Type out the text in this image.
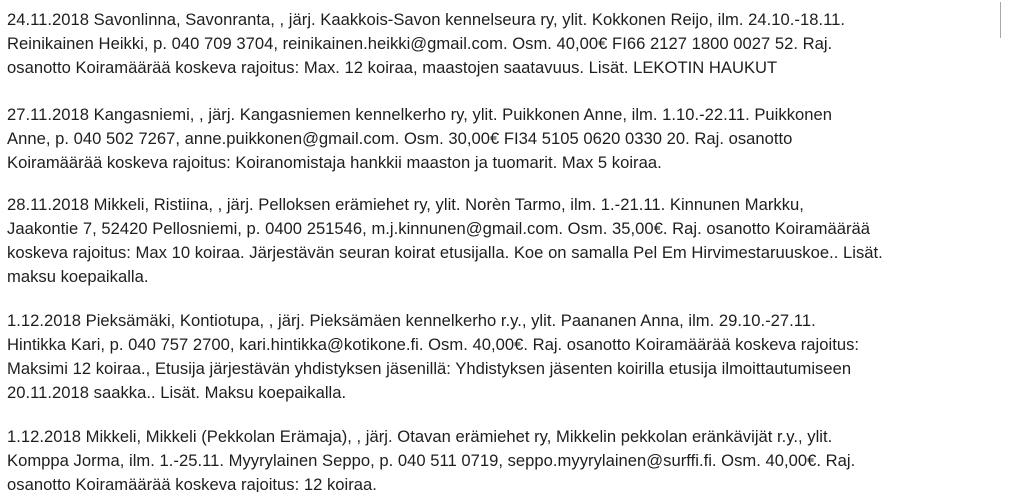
24.11.2018 Savonlinna, Savonranta, , järj. Kaakkois-Savon kennelseura ry, ylit. Kokkonen Reijo, ilm. 24.10.-18.11.
Reinikainen Heikki, p. 040 709 3704, reinikainen.heikki@gmail.com. Osm. 40,00€ FI66 2127 1800 0027 52. Raj.
osanotto Koiramäärää koskeva rajoitus: Max. 12 koiraa, maastojen saatavuus. Lisät. LEKOTIN HAUKUT
27.11.2018 Kangasniemi, , järj. Kangasniemen kennelkerho ry, ylit. Puikkonen Anne, ilm. 1.10.-22.11. Puikkonen
Anne, p. 040 502 7267, anne.puikkonen@gmail.com. Osm. 30,00€ FI34 5105 0620 0330 20. Raj. osanotto
Koiramäärää koskeva rajoitus: Koiranomistaja hankkii maaston ja tuomarit. Max 5 koiraa.
28.11.2018 Mikkeli, Ristiina, , järj. Pelloksen erämiehet ry, ylit. Norèn Tarmo, ilm. 1.-21.11. Kinnunen Markku,
Jaakontie 7, 52420 Pellosniemi, p. 0400 251546, m.j.kinnunen@gmail.com. Osm. 35,00€. Raj. osanotto Koiramäärää
koskeva rajoitus: Max 10 koiraa. Järjestävän seuran koirat etusijalla. Koe on samalla Pel Em Hirvimestaruuskoe.. Lisät.
maksu koepaikalla.
1.12.2018 Pieksämäki, Kontiotupa, , järj. Pieksämäen kennelkerho r.y., ylit. Paananen Anna, ilm. 29.10.-27.11.
Hintikka Kari, p. 040 757 2700, kari.hintikka@kotikone.fi. Osm. 40,00€. Raj. osanotto Koiramäärää koskeva rajoitus:
Maksimi 12 koiraa., Etusija järjestävän yhdistyksen jäsenillä: Yhdistyksen jäsenten koirilla etusija ilmoittautumiseen
20.11.2018 saakka.. Lisät. Maksu koepaikalla.
1.12.2018 Mikkeli, Mikkeli (Pekkolan Erämaja), , järj. Otavan erämiehet ry, Mikkelin pekkolan eränkävijät r.y., ylit.
Komppa Jorma, ilm. 1.-25.11. Myyrylainen Seppo, p. 040 511 0719, seppo.myyrylainen@surffi.fi. Osm. 40,00€. Raj.
osanotto Koiramäärää koskeva rajoitus: 12 koiraa.
